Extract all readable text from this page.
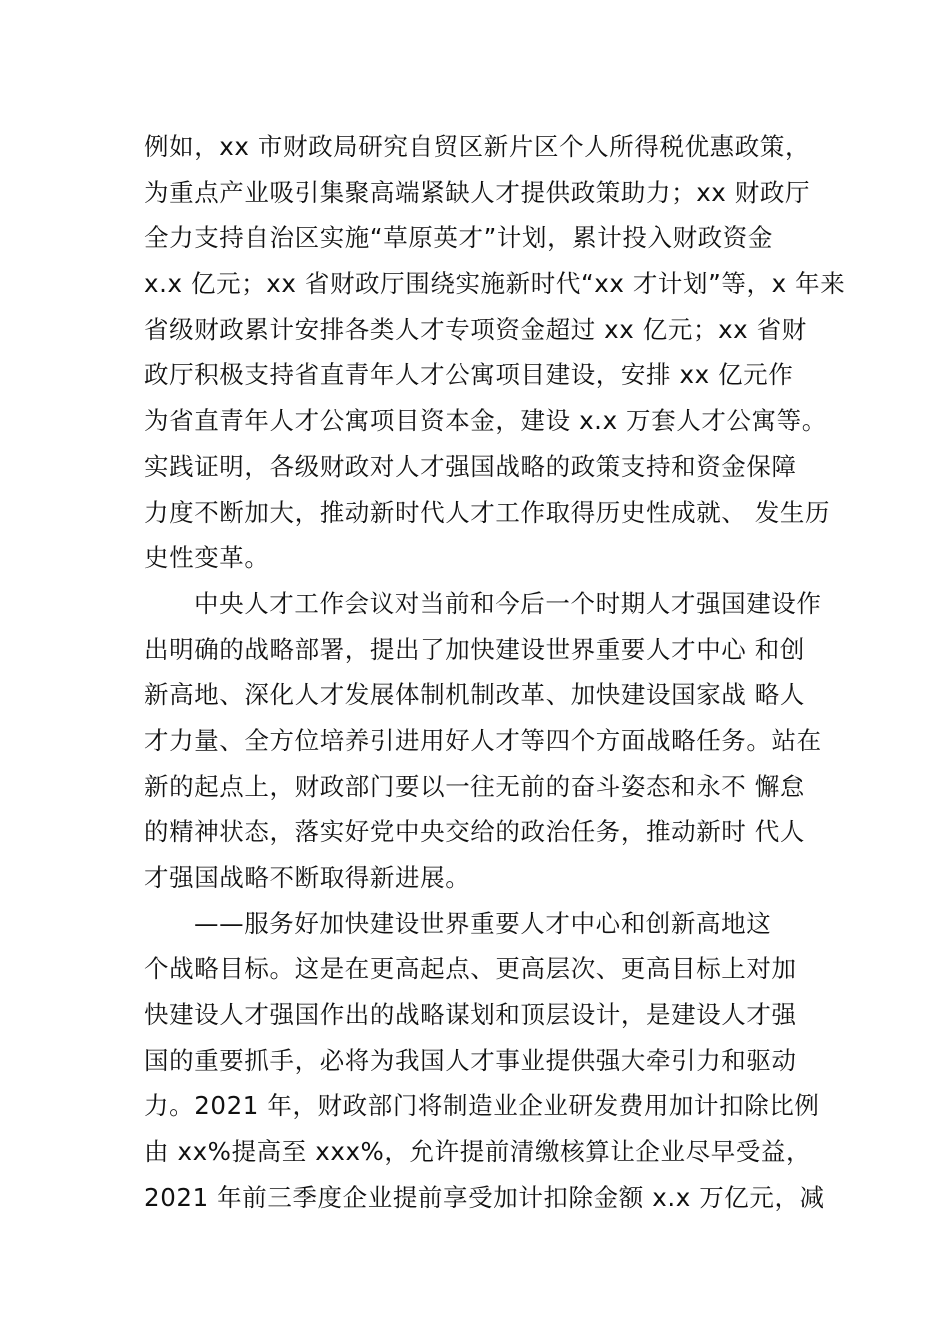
例如，xx 市财政局研究自贸区新片区个人所得税优惠政策，
为重点产业吸引集聚高端紧缺人才提供政策助力；xx 财政厅
全力支持自治区实施“草原英才”计划，累计投入财政资金
x.x 亿元；xx 省财政厅围绕实施新时代“xx 才计划”等，x 年来
省级财政累计安排各类人才专项资金超过 xx 亿元；xx 省财
政厅积极支持省直青年人才公寓项目建设，安排 xx 亿元作
为省直青年人才公寓项目资本金，建设 x.x 万套人才公寓等。
实践证明，各级财政对人才强国战略的政策支持和资金保障
力度不断加大，推动新时代人才工作取得历史性成就、 发生历
史性变革。
中央人才工作会议对当前和今后一个时期人才强国建设作
出明确的战略部署，提出了加快建设世界重要人才中心 和创
新高地、深化人才发展体制机制改革、加快建设国家战 略人
才力量、全方位培养引进用好人才等四个方面战略任务。站在
新的起点上，财政部门要以一往无前的奋斗姿态和永不 懈怠
的精神状态，落实好党中央交给的政治任务，推动新时 代人
才强国战略不断取得新进展。
——服务好加快建设世界重要人才中心和创新高地这
个战略目标。这是在更高起点、更高层次、更高目标上对加
快建设人才强国作出的战略谋划和顶层设计，是建设人才强
国的重要抓手，必将为我国人才事业提供强大牵引力和驱动
力。2021 年，财政部门将制造业企业研发费用加计扣除比例
由 xx%提高至 xxx%，允许提前清缴核算让企业尽早受益，
2021 年前三季度企业提前享受加计扣除金额 x.x 万亿元，减
